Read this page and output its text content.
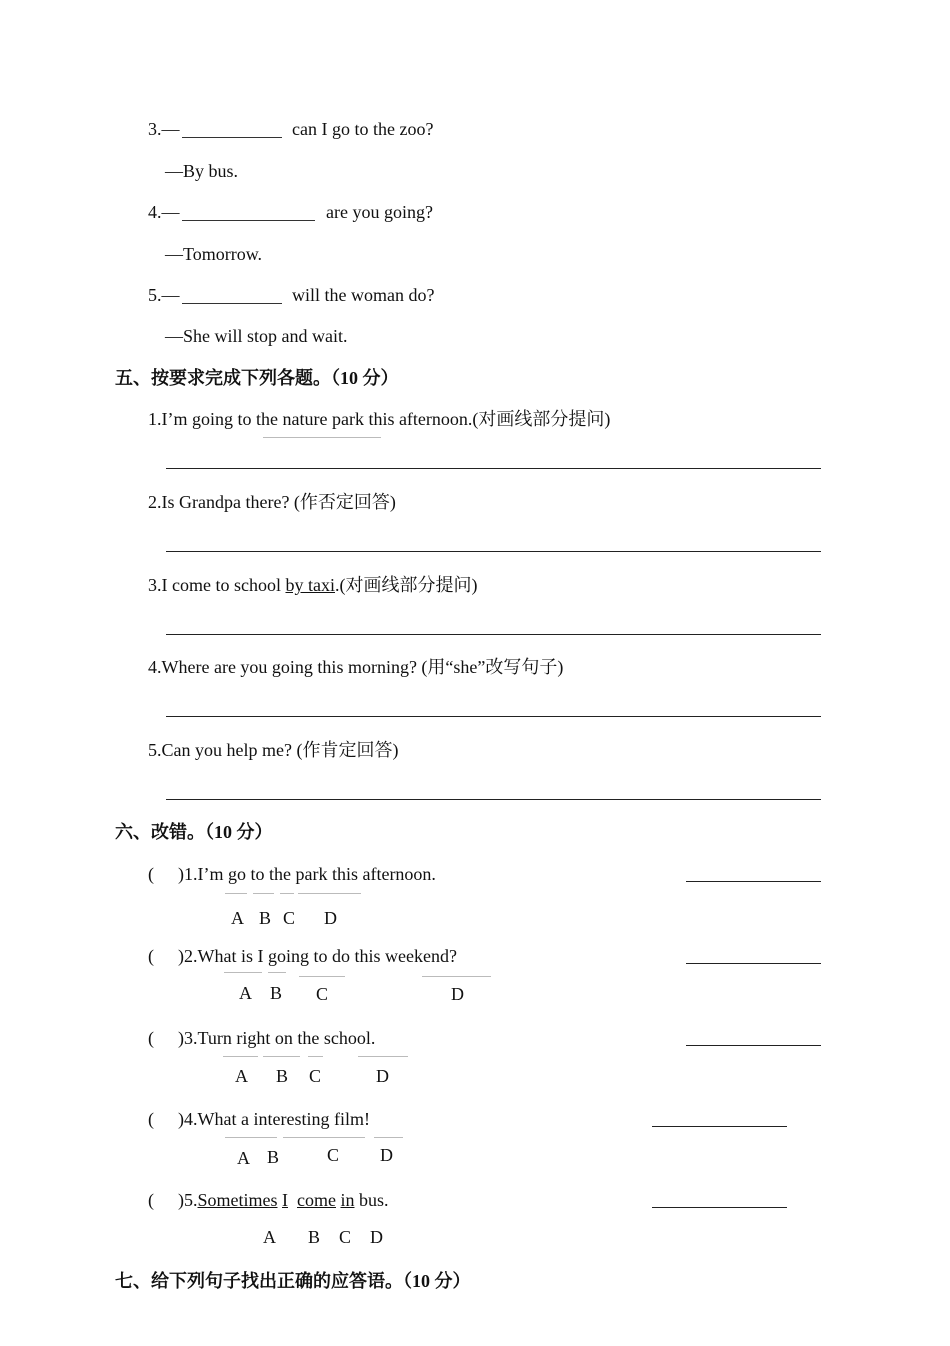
3.—	can I go to the zoo?
—By bus.
4.—	are you going?
—Tomorrow.
5.—	will the woman do?
—She will stop and wait.
五、按要求完成下列各题。（10 分）
1.I’m going to the nature park this afternoon.(对画线部分提问)
2.Is Grandpa there? (作否定回答)
3.I come to school by taxi.(对画线部分提问)
4.Where are you going this morning? (用“she”改写句子)
5.Can you help me? (作肯定回答)
六、改错。（10 分）
( )1.I’m go to the park this afternoon.
A B C D
( )2.What is I going to do this weekend?
A B C	D
( )3.Turn right on the school.
A B C	D
( )4.What a interesting film!
A B	C D
( )5.Sometimes I come in bus.
A B C D
七、给下列句子找出正确的应答语。（10 分）
